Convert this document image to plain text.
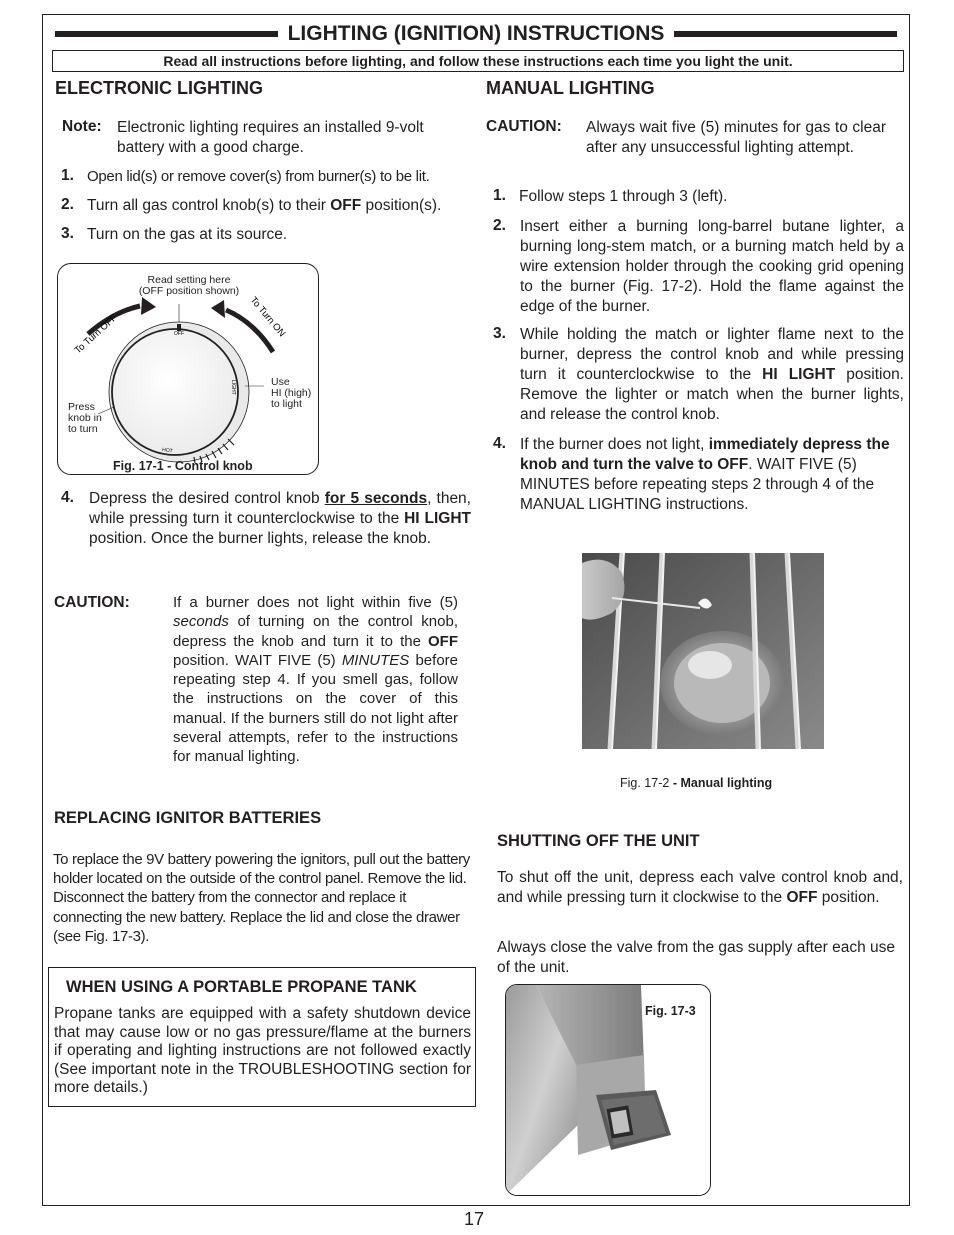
LIGHTING (IGNITION) INSTRUCTIONS
Read all instructions before lighting, and follow these instructions each time you light the unit.
ELECTRONIC LIGHTING
Note: Electronic lighting requires an installed 9-volt battery with a good charge.
1. Open lid(s) or remove cover(s) from burner(s) to be lit.
2. Turn all gas control knob(s) to their OFF position(s).
3. Turn on the gas at its source.
To Turn OFF	To Turn ON
OFF
LIGHT
HOT
Read setting here
(OFF position shown)
Press
knob in
to turn
Use
HI (high)
to light
Fig. 17-1 - Control knob
4. Depress the desired control knob for 5 seconds, then, while pressing turn it counterclockwise to the HI LIGHT position. Once the burner lights, release the knob.
CAUTION:	If a burner does not light within five (5) seconds of turning on the control knob, depress the knob and turn it to the OFF position. WAIT FIVE (5) MINUTES before repeating step 4. If you smell gas, follow the instructions on the cover of this manual. If the burners still do not light after several attempts, refer to the instructions for manual lighting.
REPLACING IGNITOR BATTERIES
To replace the 9V battery powering the ignitors, pull out the battery holder located on the outside of the control panel. Remove the lid. Disconnect the battery from the connector and replace it connecting the new battery. Replace the lid and close the drawer (see Fig. 17-3).
WHEN USING A PORTABLE PROPANE TANK
Propane tanks are equipped with a safety shutdown device that may cause low or no gas pressure/flame at the burners if operating and lighting instructions are not followed exactly (See important note in the TROUBLESHOOTING section for more details.)
MANUAL LIGHTING
CAUTION: Always wait five (5) minutes for gas to clear after any unsuccessful lighting attempt.
1. Follow steps 1 through 3 (left).
2. Insert either a burning long-barrel butane lighter, a burning long-stem match, or a burning match held by a wire extension holder through the cooking grid opening to the burner (Fig. 17-2). Hold the flame against the edge of the burner.
3. While holding the match or lighter flame next to the burner, depress the control knob and while pressing turn it counterclockwise to the HI LIGHT position. Remove the lighter or match when the burner lights, and release the control knob.
4. If the burner does not light, immediately depress the knob and turn the valve to OFF. WAIT FIVE (5) MINUTES before repeating steps 2 through 4 of the MANUAL LIGHTING instructions.
Fig. 17-2 - Manual lighting
SHUTTING OFF THE UNIT
To shut off the unit, depress each valve control knob and, and while pressing turn it clockwise to the OFF position.
Always close the valve from the gas supply after each use of the unit.
Fig. 17-3
17
